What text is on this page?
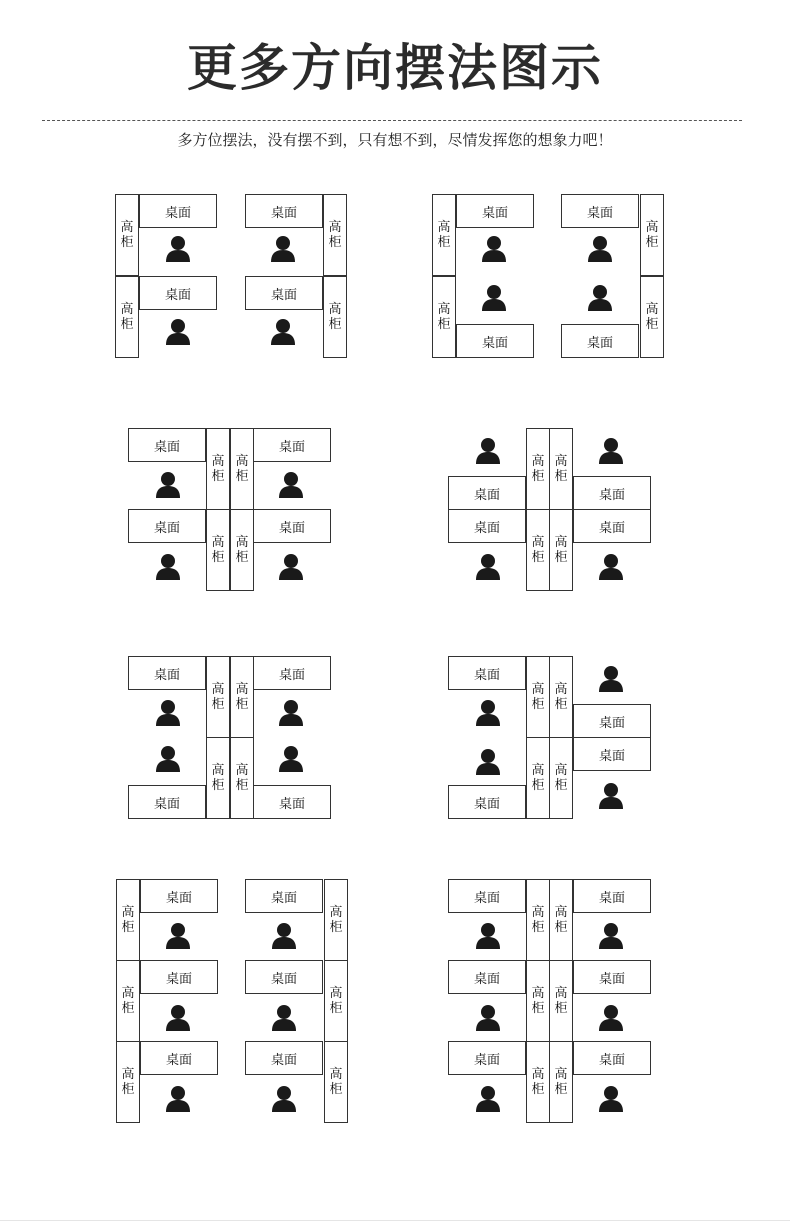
更多方向摆法图示
多方位摆法，没有摆不到，只有想不到，尽情发挥您的想象力吧！
高柜
高柜
桌面
桌面
高柜
高柜
桌面
桌面
高柜
高柜
桌面
桌面
高柜
高柜
桌面
桌面
桌面
桌面
高柜
高柜
高柜
高柜
桌面
桌面
高柜
高柜
高柜
高柜
桌面
桌面
桌面
桌面
桌面
桌面
高柜
高柜
高柜
高柜
桌面
桌面
桌面
桌面
高柜
高柜
高柜
高柜
桌面
桌面
高柜
高柜
高柜
桌面
桌面
桌面
高柜
高柜
高柜
桌面
桌面
桌面
桌面
桌面
桌面
高柜
高柜
高柜
高柜
高柜
高柜
桌面
桌面
桌面
